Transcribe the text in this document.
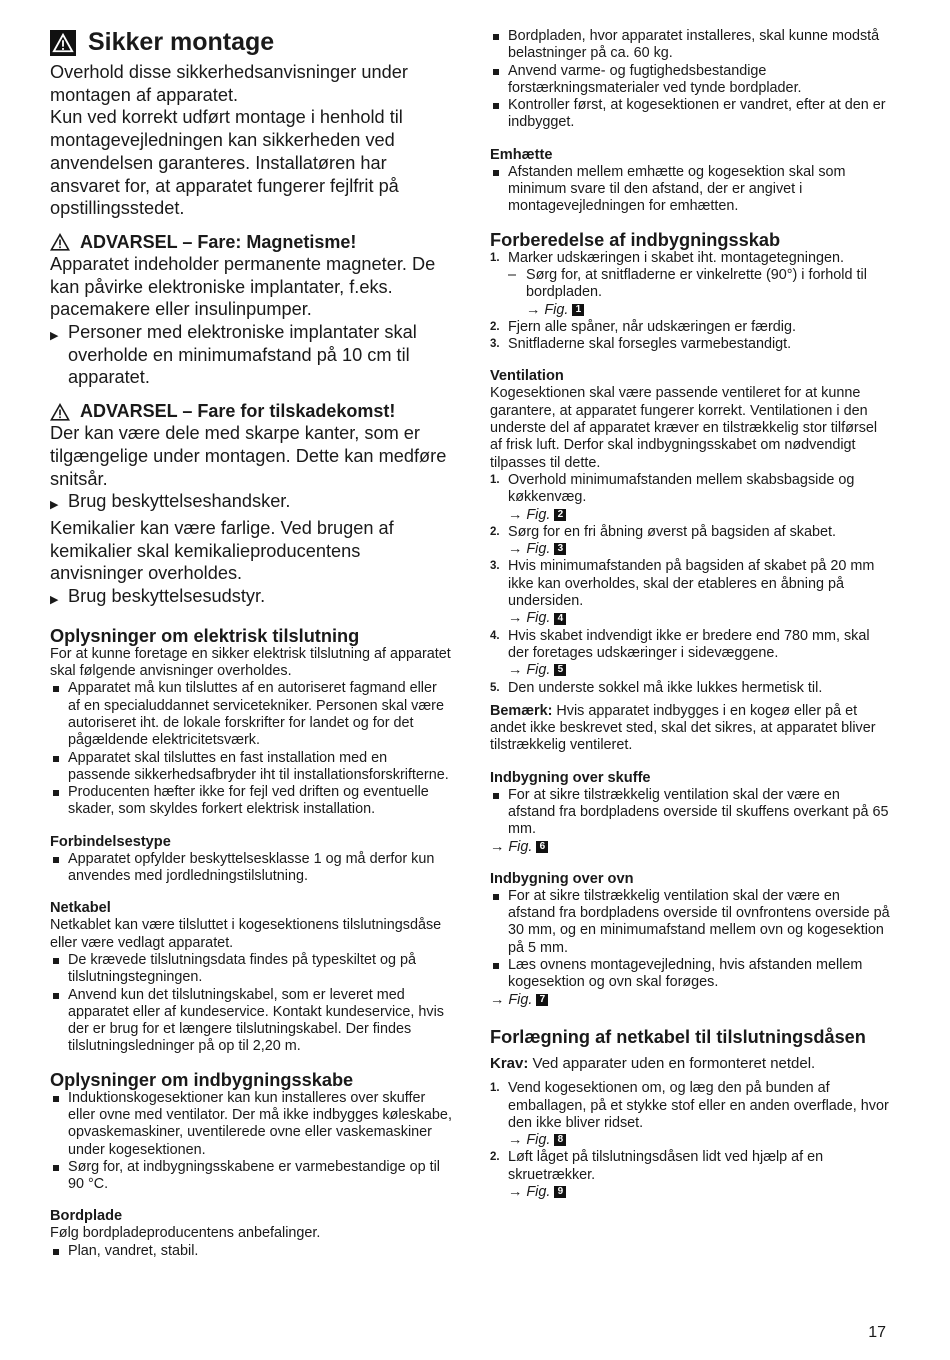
Sikker montage

Overhold disse sikkerhedsanvisninger under montagen af apparatet.

Kun ved korrekt udført montage i henhold til montagevejledningen kan sikkerheden ved anvendelsen garanteres. Installatøren har ansvaret for, at apparatet fungerer fejlfrit på opstillingsstedet.

ADVARSEL – Fare: Magnetisme!

Apparatet indeholder permanente magneter. De kan påvirke elektroniske implantater, f.eks. pacemakere eller insulinpumper.

▶ Personer med elektroniske implantater skal overholde en minimumafstand på 10 cm til apparatet.
ADVARSEL – Fare for tilskadekomst!

Der kan være dele med skarpe kanter, som er tilgængelige under montagen. Dette kan medføre snitsår.

▶ Brug beskyttelseshandsker.

Kemikalier kan være farlige. Ved brugen af kemikalier skal kemikalieproducentens anvisninger overholdes.

▶ Brug beskyttelsesudstyr.
Oplysninger om elektrisk tilslutning

For at kunne foretage en sikker elektrisk tilslutning af apparatet skal følgende anvisninger overholdes.

Apparatet må kun tilsluttes af en autoriseret fagmand eller af en specialuddannet servicetekniker. Personen skal være autoriseret iht. de lokale forskrifter for landet og for det pågældende elektricitetsværk.
Apparatet skal tilsluttes en fast installation med en passende sikkerhedsafbryder iht til installationsforskrifterne.
Producenten hæfter ikke for fejl ved driften og eventuelle skader, som skyldes forkert elektrisk installation.
Forbindelsestype
Apparatet opfylder beskyttelsesklasse 1 og må derfor kun anvendes med jordledningstilslutning.
Netkabel

Netkablet kan være tilsluttet i kogesektionens tilslutningsdåse eller være vedlagt apparatet.

De krævede tilslutningsdata findes på typeskiltet og på tilslutningstegningen.
Anvend kun det tilslutningskabel, som er leveret med apparatet eller af kundeservice. Kontakt kundeservice, hvis der er brug for et længere tilslutningskabel. Der findes tilslutningsledninger på op til 2,20 m.
Oplysninger om indbygningsskabe
Induktionskogesektioner kan kun installeres over skuffer eller ovne med ventilator. Der må ikke indbygges køleskabe, opvaskemaskiner, uventilerede ovne eller vaskemaskiner under kogesektionen.
Sørg for, at indbygningsskabene er varmebestandige op til 90 °C.
Bordplade

Følg bordpladeproducentens anbefalinger.

Plan, vandret, stabil.
Bordpladen, hvor apparatet installeres, skal kunne modstå belastninger på ca. 60 kg.
Anvend varme- og fugtighedsbestandige forstærkningsmaterialer ved tynde bordplader.
Kontroller først, at kogesektionen er vandret, efter at den er indbygget.
Emhætte
Afstanden mellem emhætte og kogesektion skal som minimum svare til den afstand, der er angivet i montagevejledningen for emhætten.
Forberedelse af indbygningsskab
1. Marker udskæringen i skabet iht. montagetegningen.
– Sørg for, at snitfladerne er vinkelrette (90°) i forhold til bordpladen.
→ Fig. 1
2. Fjern alle spåner, når udskæringen er færdig.
3. Snitfladerne skal forsegles varmebestandigt.
Ventilation

Kogesektionen skal være passende ventileret for at kunne garantere, at apparatet fungerer korrekt. Ventilationen i den underste del af apparatet kræver en tilstrækkelig stor tilførsel af frisk luft. Derfor skal indbygningsskabet om nødvendigt tilpasses til dette.

1. Overhold minimumafstanden mellem skabsbagside og køkkenvæg.
→ Fig. 2
2. Sørg for en fri åbning øverst på bagsiden af skabet.
→ Fig. 3
3. Hvis minimumafstanden på bagsiden af skabet på 20 mm ikke kan overholdes, skal der etableres en åbning på undersiden.
→ Fig. 4
4. Hvis skabet indvendigt ikke er bredere end 780 mm, skal der foretages udskæringer i sidevæggene.
→ Fig. 5
5. Den underste sokkel må ikke lukkes hermetisk til.

Bemærk: Hvis apparatet indbygges i en kogeø eller på et andet ikke beskrevet sted, skal det sikres, at apparatet bliver tilstrækkelig ventileret.

Indbygning over skuffe
For at sikre tilstrækkelig ventilation skal der være en afstand fra bordpladens overside til skuffens overkant på 65 mm.
→ Fig. 6
Indbygning over ovn
For at sikre tilstrækkelig ventilation skal der være en afstand fra bordpladens overside til ovnfrontens overside på 30 mm, og en minimumafstand mellem ovn og kogesektion på 5 mm.
Læs ovnens montagevejledning, hvis afstanden mellem kogesektion og ovn skal forøges.
→ Fig. 7
Forlægning af netkabel til tilslutningsdåsen

Krav: Ved apparater uden en formonteret netdel.

1. Vend kogesektionen om, og læg den på bunden af emballagen, på et stykke stof eller en anden overflade, hvor den ikke bliver ridset.
→ Fig. 8
2. Løft låget på tilslutningsdåsen lidt ved hjælp af en skruetrækker.
→ Fig. 9
17
